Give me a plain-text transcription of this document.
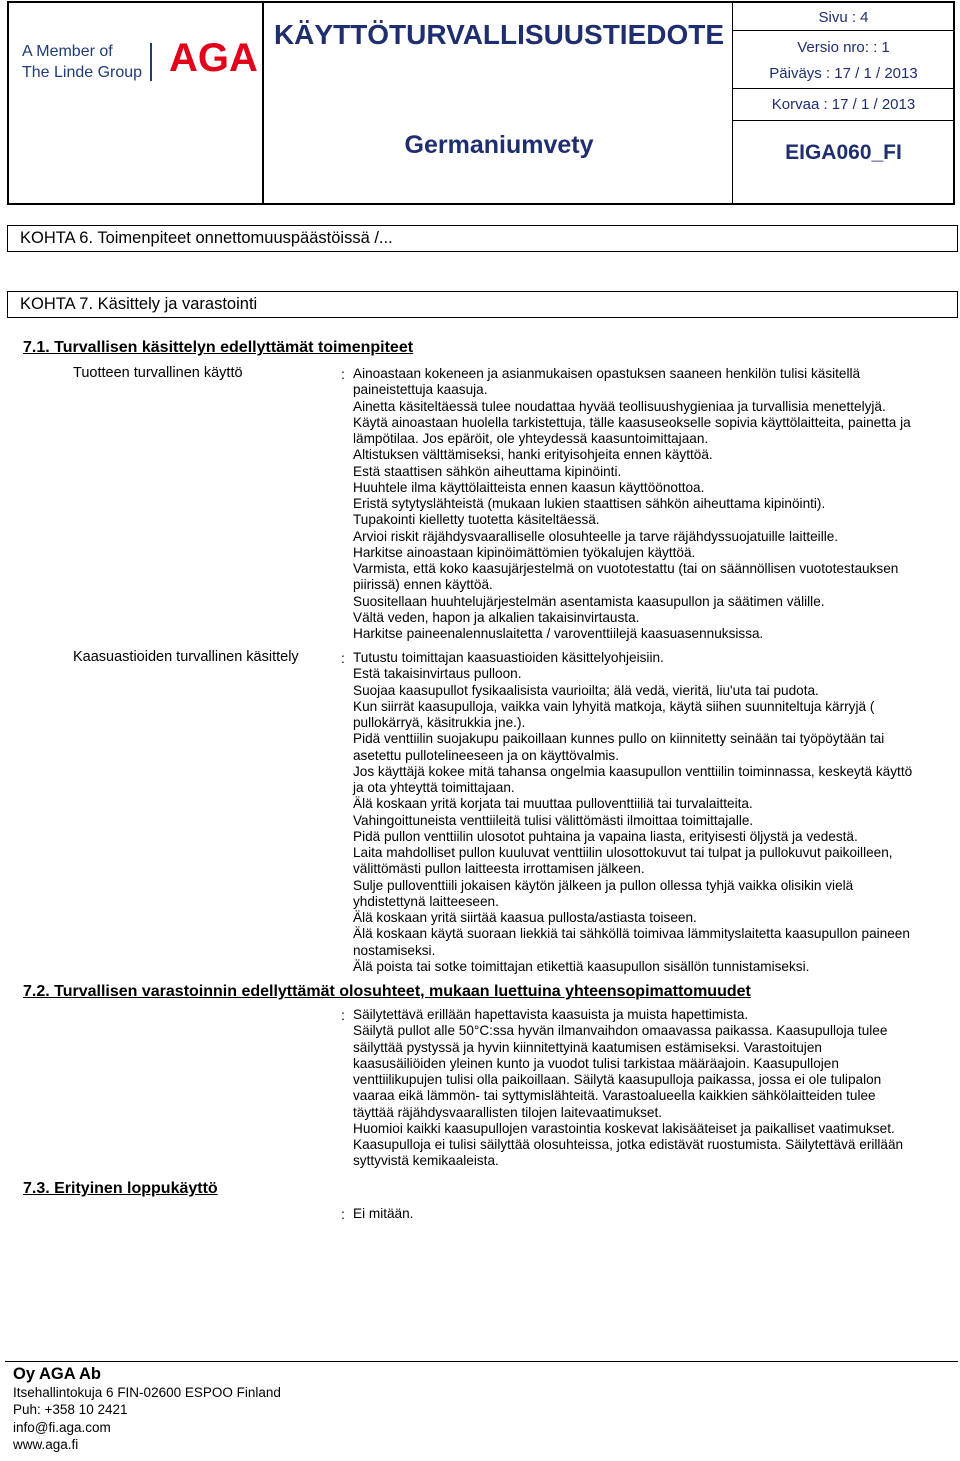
A Member of
The Linde Group AGA
KÄYTTÖTURVALLISUUSTIEDOTE
Germaniumvety
Sivu : 4
Versio nro: : 1
Päiväys : 17 / 1 / 2013
Korvaa : 17 / 1 / 2013
EIGA060_FI
KOHTA 6. Toimenpiteet onnettomuuspäästöissä /...
KOHTA 7. Käsittely ja varastointi
7.1. Turvallisen käsittelyn edellyttämät toimenpiteet
Tuotteen turvallinen käyttö	: Ainoastaan kokeneen ja asianmukaisen opastuksen saaneen henkilön tulisi käsitellä
paineistettuja kaasuja.
Ainetta käsiteltäessä tulee noudattaa hyvää teollisuushygieniaa ja turvallisia menettelyjä.
Käytä ainoastaan huolella tarkistettuja, tälle kaasuseokselle sopivia käyttölaitteita, painetta ja
lämpötilaa. Jos epäröit, ole yhteydessä kaasuntoimittajaan.
Altistuksen välttämiseksi, hanki erityisohjeita ennen käyttöä.
Estä staattisen sähkön aiheuttama kipinöinti.
Huuhtele ilma käyttölaitteista ennen kaasun käyttöönottoa.
Eristä sytytyslähteistä (mukaan lukien staattisen sähkön aiheuttama kipinöinti).
Tupakointi kielletty tuotetta käsiteltäessä.
Arvioi riskit räjähdysvaaralliselle olosuhteelle ja tarve räjähdyssuojatuille laitteille.
Harkitse ainoastaan kipinöimättömien työkalujen käyttöä.
Varmista, että koko kaasujärjestelmä on vuototestattu (tai on säännöllisen vuototestauksen
piirissä) ennen käyttöä.
Suositellaan huuhtelujärjestelmän asentamista kaasupullon ja säätimen välille.
Vältä veden, hapon ja alkalien takaisinvirtausta.
Harkitse paineenalennuslaitetta / varoventtiilejä kaasuasennuksissa.
Kaasuastioiden turvallinen käsittely	: Tutustu toimittajan kaasuastioiden käsittelyohjeisiin.
Estä takaisinvirtaus pulloon.
Suojaa kaasupullot fysikaalisista vaurioilta; älä vedä, vieritä, liu'uta tai pudota.
Kun siirrät kaasupulloja, vaikka vain lyhyitä matkoja, käytä siihen suunniteltuja kärryjä (
pullokärryä, käsitrukkia jne.).
Pidä venttiilin suojakupu paikoillaan kunnes pullo on kiinnitetty seinään tai työpöytään tai
asetettu pullotelineeseen ja on käyttövalmis.
Jos käyttäjä kokee mitä tahansa ongelmia kaasupullon venttiilin toiminnassa, keskeytä käyttö
ja ota yhteyttä toimittajaan.
Älä koskaan yritä korjata tai muuttaa pulloventtiiliä tai turvalaitteita.
Vahingoittuneista venttiileitä tulisi välittömästi ilmoittaa toimittajalle.
Pidä pullon venttiilin ulosotot puhtaina ja vapaina liasta, erityisesti öljystä ja vedestä.
Laita mahdolliset pullon kuuluvat venttiilin ulosottokuvut tai tulpat ja pullokuvut paikoilleen,
välittömästi pullon laitteesta irrottamisen jälkeen.
Sulje pulloventtiili jokaisen käytön jälkeen ja pullon ollessa tyhjä vaikka olisikin vielä
yhdistettynä laitteeseen.
Älä koskaan yritä siirtää kaasua pullosta/astiasta toiseen.
Älä koskaan käytä suoraan liekkiä tai sähköllä toimivaa lämmityslaitetta kaasupullon paineen
nostamiseksi.
Älä poista tai sotke toimittajan etikettiä kaasupullon sisällön tunnistamiseksi.
7.2. Turvallisen varastoinnin edellyttämät olosuhteet, mukaan luettuina yhteensopimattomuudet
: Säilytettävä erillään hapettavista kaasuista ja muista hapettimista.
Säilytä pullot alle 50°C:ssa hyvän ilmanvaihdon omaavassa paikassa. Kaasupulloja tulee
säilyttää pystyssä ja hyvin kiinnitettyinä kaatumisen estämiseksi. Varastoitujen
kaasusäiliöiden yleinen kunto ja vuodot tulisi tarkistaa määräajoin. Kaasupullojen
venttiilikupujen tulisi olla paikoillaan. Säilytä kaasupulloja paikassa, jossa ei ole tulipalon
vaaraa eikä lämmön- tai syttymislähteitä. Varastoalueella kaikkien sähkölaitteiden tulee
täyttää räjähdysvaarallisten tilojen laitevaatimukset.
Huomioi kaikki kaasupullojen varastointia koskevat lakisääteiset ja paikalliset vaatimukset.
Kaasupulloja ei tulisi säilyttää olosuhteissa, jotka edistävät ruostumista. Säilytettävä erillään
syttyvistä kemikaaleista.
7.3. Erityinen loppukäyttö
: Ei mitään.
Oy AGA Ab
Itsehallintokuja 6 FIN-02600 ESPOO Finland
Puh: +358 10 2421
info@fi.aga.com
www.aga.fi
